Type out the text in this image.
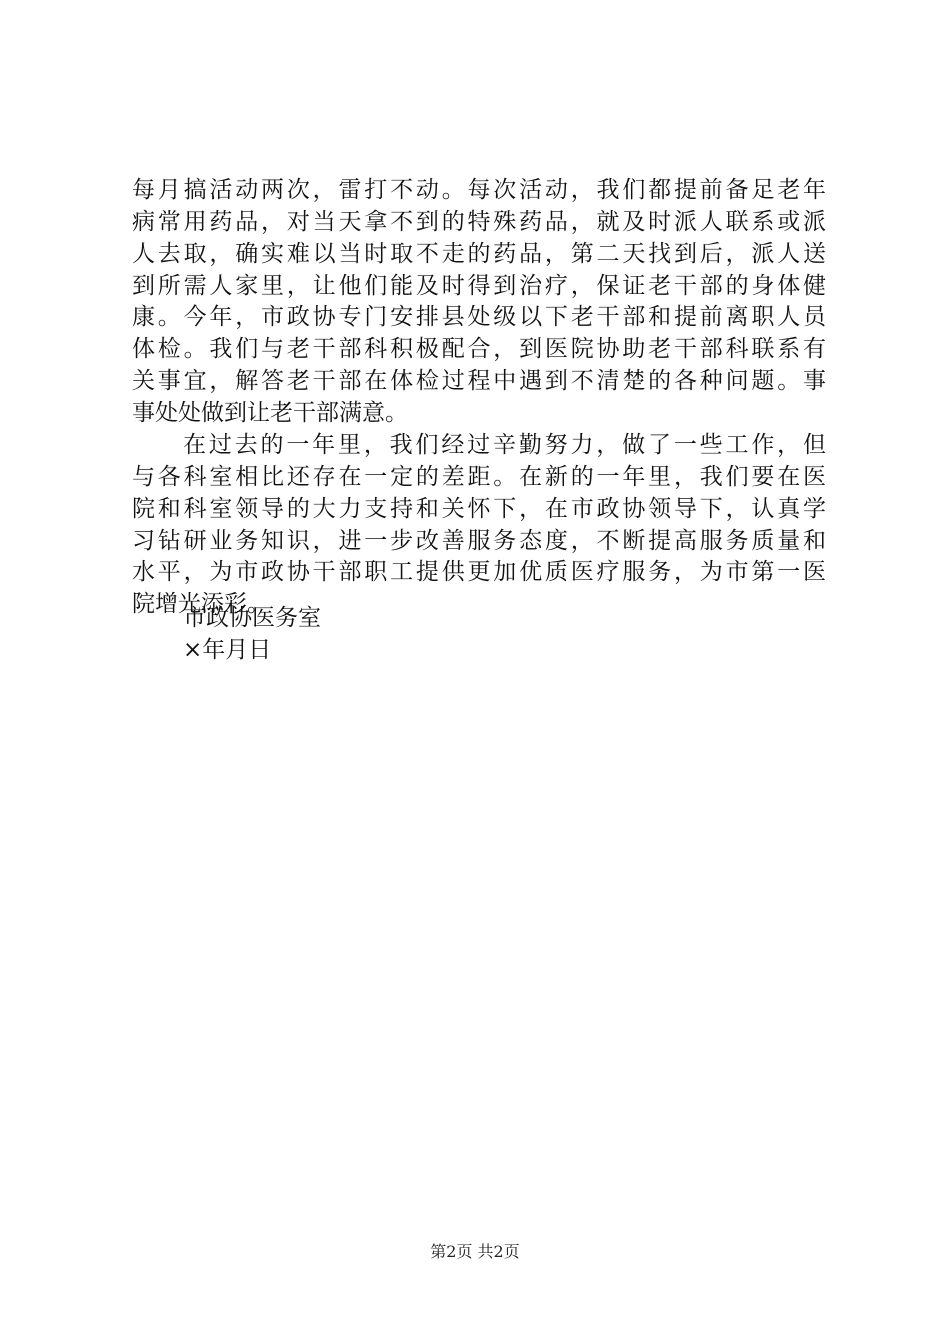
每月搞活动两次，雷打不动。每次活动，我们都提前备足老年
病常用药品，对当天拿不到的特殊药品，就及时派人联系或派
人去取，确实难以当时取不走的药品，第二天找到后，派人送
到所需人家里，让他们能及时得到治疗，保证老干部的身体健
康。今年，市政协专门安排县处级以下老干部和提前离职人员
体检。我们与老干部科积极配合，到医院协助老干部科联系有
关事宜，解答老干部在体检过程中遇到不清楚的各种问题。事
事处处做到让老干部满意。
在过去的一年里，我们经过辛勤努力，做了一些工作，但
与各科室相比还存在一定的差距。在新的一年里，我们要在医
院和科室领导的大力支持和关怀下，在市政协领导下，认真学
习钻研业务知识，进一步改善服务态度，不断提高服务质量和
水平，为市政协干部职工提供更加优质医疗服务，为市第一医
院增光添彩。
市政协医务室
×年月日
第2页 共2页
